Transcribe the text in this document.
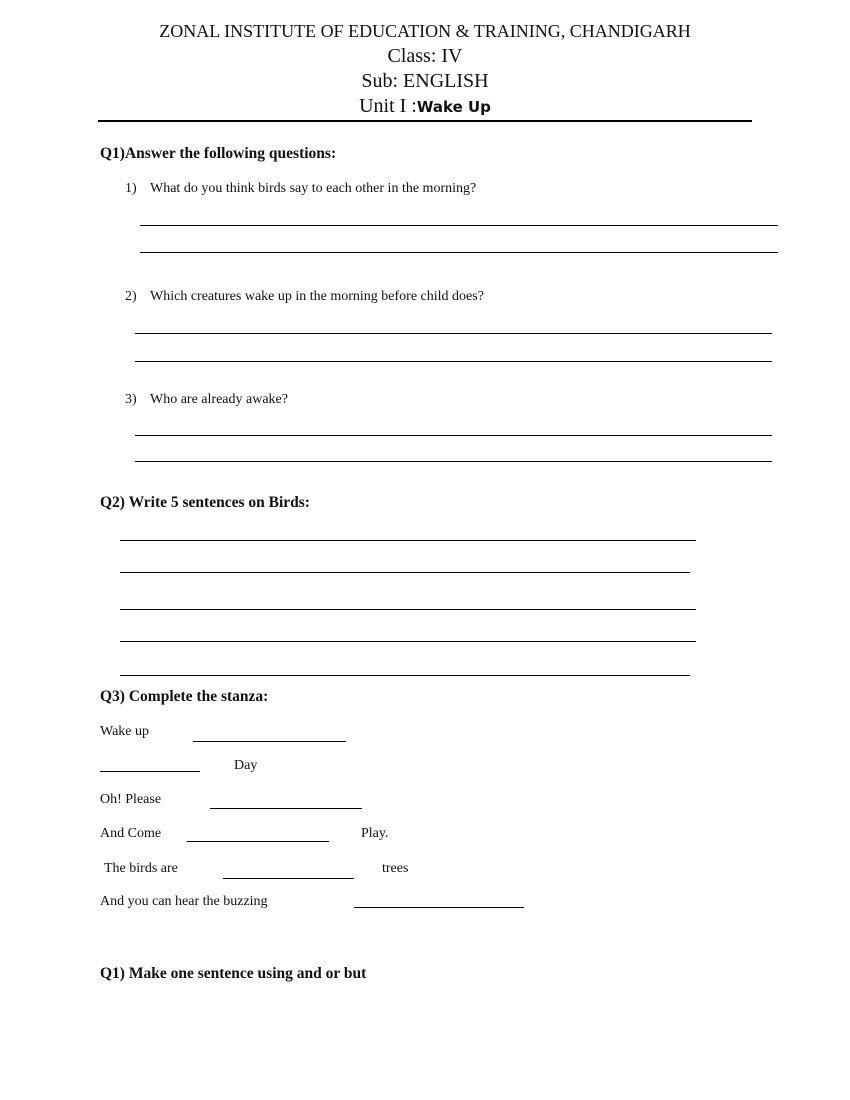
ZONAL INSTITUTE OF EDUCATION & TRAINING, CHANDIGARH
Class: IV
Sub: ENGLISH
Unit I :Wake Up
Q1)Answer the following questions:
1) What do you think birds say to each other in the morning?
2) Which creatures wake up in the morning before child does?
3) Who are already awake?
Q2) Write 5 sentences on Birds:
Q3) Complete the stanza:
Wake up
Day
Oh! Please
And Come	Play.
The birds are	trees
And you can hear the buzzing
Q1) Make one sentence using and or but
